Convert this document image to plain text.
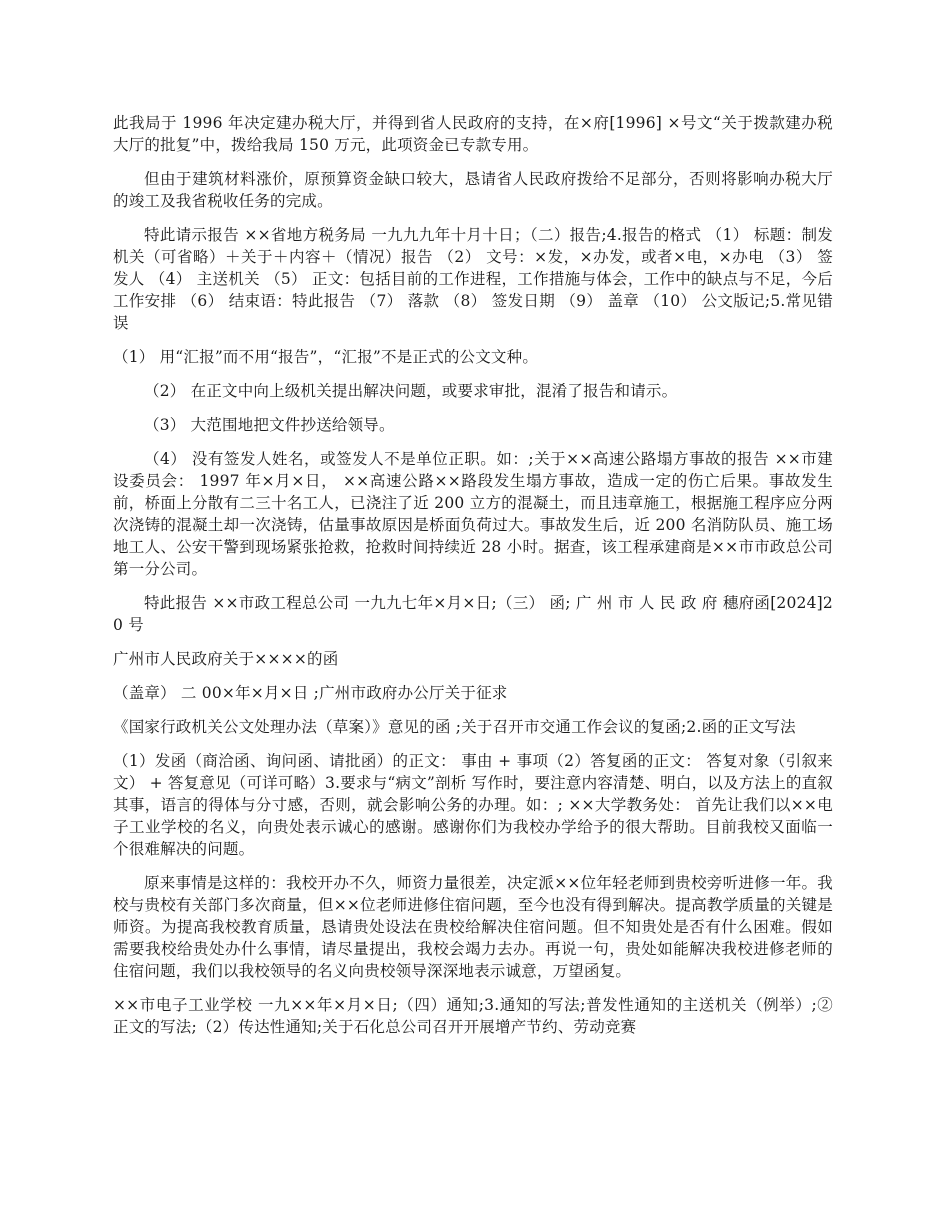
此我局于 1996 年决定建办税大厅，并得到省人民政府的支持，在×府[1996] ×号文“关于拨款建办税大厅的批复”中，拨给我局 150 万元，此项资金已专款专用。

但由于建筑材料涨价，原预算资金缺口较大，恳请省人民政府拨给不足部分，否则将影响办税大厅的竣工及我省税收任务的完成。

特此请示报告 ××省地方税务局 一九九九年十月十日；（二）报告;4.报告的格式 （1） 标题：制发机关（可省略）＋关于＋内容＋（情况）报告 （2） 文号：×发，×办发，或者×电，×办电 （3） 签发人 （4） 主送机关 （5） 正文：包括目前的工作进程，工作措施与体会，工作中的缺点与不足，今后工作安排 （6） 结束语：特此报告 （7） 落款 （8） 签发日期 （9） 盖章 （10） 公文版记;5.常见错误

（1） 用“汇报”而不用“报告”，“汇报”不是正式的公文文种。

（2） 在正文中向上级机关提出解决问题，或要求审批，混淆了报告和请示。

（3） 大范围地把文件抄送给领导。

（4） 没有签发人姓名，或签发人不是单位正职。如：;关于××高速公路塌方事故的报告 ××市建设委员会： 1997 年×月×日， ××高速公路××路段发生塌方事故，造成一定的伤亡后果。事故发生前，桥面上分散有二三十名工人，已浇注了近 200 立方的混凝土，而且违章施工，根据施工程序应分两次浇铸的混凝土却一次浇铸，估量事故原因是桥面负荷过大。事故发生后，近 200 名消防队员、施工场地工人、公安干警到现场紧张抢救，抢救时间持续近 28 小时。据查，该工程承建商是××市市政总公司第一分公司。

特此报告 ××市政工程总公司 一九九七年×月×日;（三） 函; 广 州 市 人 民 政 府 穗府函[2024]20 号

广州市人民政府关于××××的函

（盖章） 二 00×年×月×日 ;广州市政府办公厅关于征求

《国家行政机关公文处理办法（草案）》意见的函 ;关于召开市交通工作会议的复函;2.函的正文写法

（1）发函（商洽函、询问函、请批函）的正文： 事由 + 事项（2）答复函的正文： 答复对象（引叙来文） + 答复意见（可详可略）3.要求与“病文”剖析 写作时，要注意内容清楚、明白，以及方法上的直叙其事，语言的得体与分寸感，否则，就会影响公务的办理。如：; ××大学教务处： 首先让我们以××电子工业学校的名义，向贵处表示诚心的感谢。感谢你们为我校办学给予的很大帮助。目前我校又面临一个很难解决的问题。

原来事情是这样的：我校开办不久，师资力量很差，决定派××位年轻老师到贵校旁听进修一年。我校与贵校有关部门多次商量，但××位老师进修住宿问题，至今也没有得到解决。提高教学质量的关键是师资。为提高我校教育质量，恳请贵处设法在贵校给解决住宿问题。但不知贵处是否有什么困难。假如需要我校给贵处办什么事情，请尽量提出，我校会竭力去办。再说一句，贵处如能解决我校进修老师的住宿问题，我们以我校领导的名义向贵校领导深深地表示诚意，万望函复。

××市电子工业学校 一九××年×月×日;（四）通知;3.通知的写法;普发性通知的主送机关（例举）;② 正文的写法;（2）传达性通知;关于石化总公司召开开展增产节约、劳动竞赛
